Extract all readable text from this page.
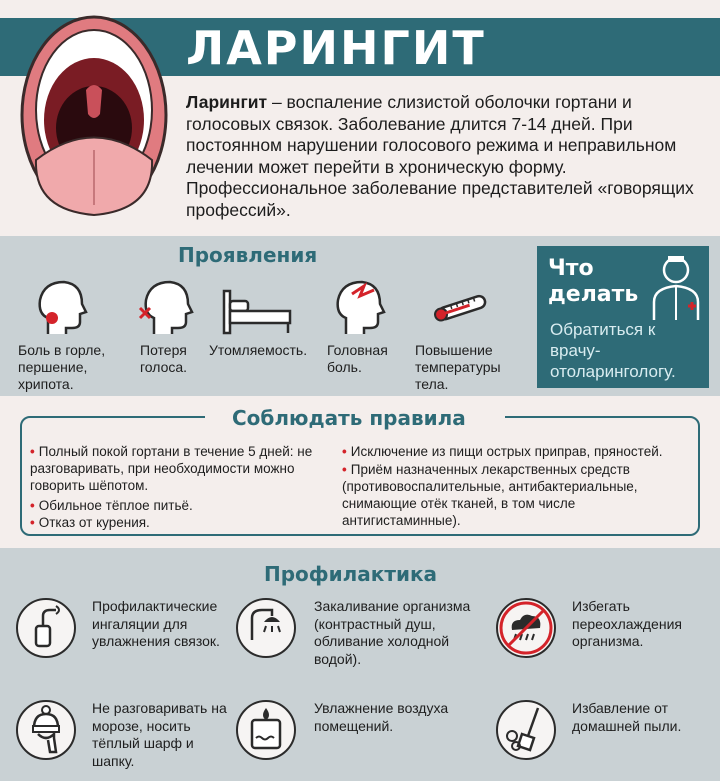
ЛАРИНГИТ
Ларингит – воспаление слизистой оболочки гортани и голосовых связок. Заболевание длится 7-14 дней. При постоянном нарушении голосового режима и неправильном лечении может перейти в хроническую форму. Профессиональное заболевание представителей «говорящих профессий».
Проявления
Боль в горле, першение, хрипота.
Потеря голоса.
Утомляемость.	Головная боль.
Повышение температуры тела.
Что
делать
Обратиться к врачу-отоларингологу.
Соблюдать правила
• Полный покой гортани в течение 5 дней: не разговаривать, при необходимости можно говорить шёпотом.
• Обильное тёплое питьё.
• Отказ от курения.
• Исключение из пищи острых приправ, пряностей.
• Приём назначенных лекарственных средств (противовоспалительные, антибактериальные, снимающие отёк тканей, в том числе антигистаминные).
Профилактика
Профилактические ингаляции для увлажнения связок.
Закаливание организма (контрастный душ, обливание холодной водой).
Избегать переохлаждения организма.
Не разговаривать на морозе, носить тёплый шарф и шапку.
Увлажнение воздуха помещений.
Избавление от домашней пыли.
